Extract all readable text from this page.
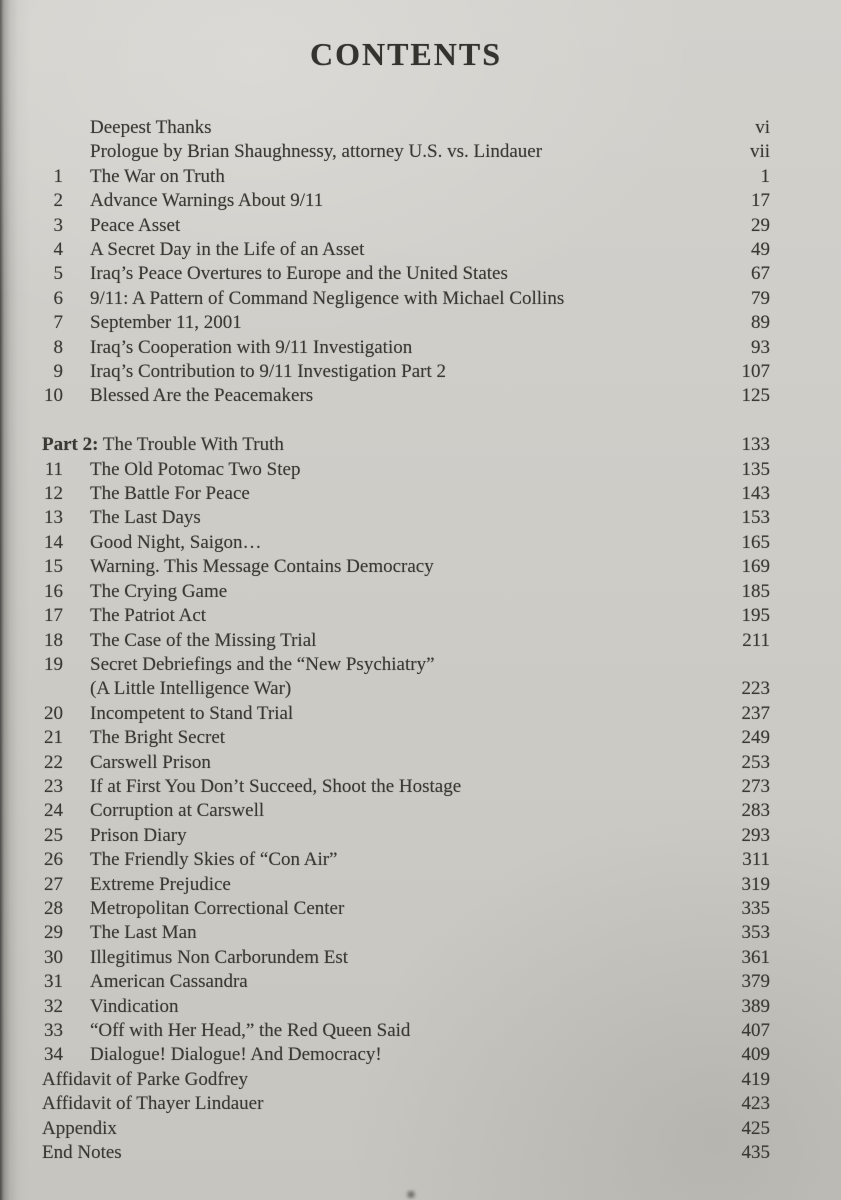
CONTENTS
Deepest Thanks	vi
Prologue by Brian Shaughnessy, attorney U.S. vs. Lindauer	vii
1	The War on Truth	1
2	Advance Warnings About 9/11	17
3	Peace Asset	29
4	A Secret Day in the Life of an Asset	49
5	Iraq’s Peace Overtures to Europe and the United States	67
6	9/11: A Pattern of Command Negligence with Michael Collins	79
7	September 11, 2001	89
8	Iraq’s Cooperation with 9/11 Investigation	93
9	Iraq’s Contribution to 9/11 Investigation Part 2	107
10	Blessed Are the Peacemakers	125
Part 2: The Trouble With Truth	133
11	The Old Potomac Two Step	135
12	The Battle For Peace	143
13	The Last Days	153
14	Good Night, Saigon…	165
15	Warning. This Message Contains Democracy	169
16	The Crying Game	185
17	The Patriot Act	195
18	The Case of the Missing Trial	211
19	Secret Debriefings and the “New Psychiatry”
(A Little Intelligence War)	223
20	Incompetent to Stand Trial	237
21	The Bright Secret	249
22	Carswell Prison	253
23	If at First You Don’t Succeed, Shoot the Hostage	273
24	Corruption at Carswell	283
25	Prison Diary	293
26	The Friendly Skies of “Con Air”	311
27	Extreme Prejudice	319
28	Metropolitan Correctional Center	335
29	The Last Man	353
30	Illegitimus Non Carborundem Est	361
31	American Cassandra	379
32	Vindication	389
33	“Off with Her Head,” the Red Queen Said	407
34	Dialogue! Dialogue! And Democracy!	409
Affidavit of Parke Godfrey	419
Affidavit of Thayer Lindauer	423
Appendix	425
End Notes	435
